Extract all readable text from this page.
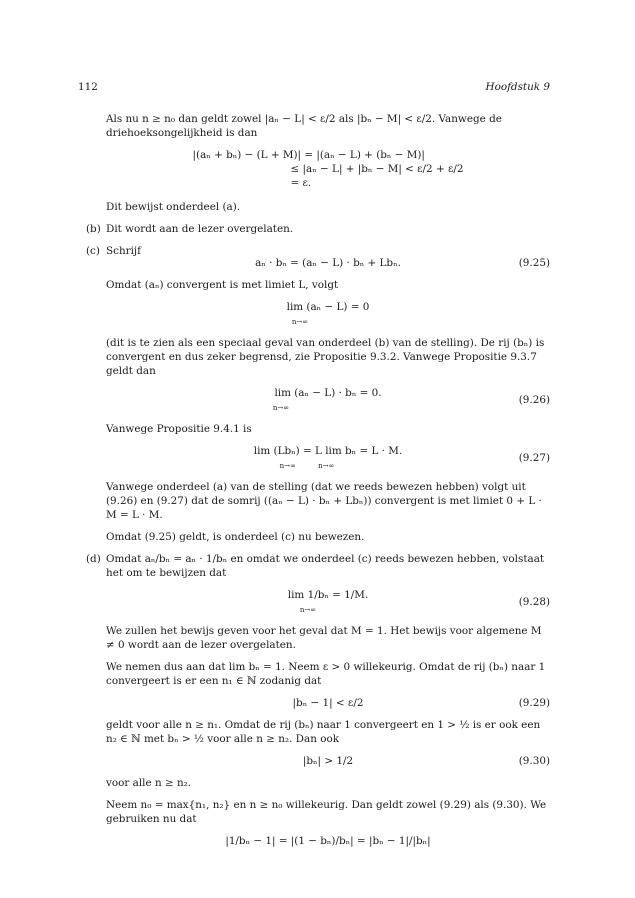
112	Hoofdstuk 9
Als nu n ≥ n₀ dan geldt zowel |aₙ − L| < ε/2 als |bₙ − M| < ε/2. Vanwege de
driehoeksongelijkheid is dan
|(aₙ + bₙ) − (L + M)| = |(aₙ − L) + (bₙ − M)|
≤ |aₙ − L| + |bₙ − M| < ε/2 + ε/2
= ε.

Dit bewijst onderdeel (a).

(b) Dit wordt aan de lezer overgelaten.
(c) Schrijf
aₙ · bₙ = (aₙ − L) · bₙ + Lbₙ.	(9.25)

Omdat (aₙ) convergent is met limiet L, volgt

lim (aₙ − L) = 0
n→∞

(dit is te zien als een speciaal geval van onderdeel (b) van de stelling). De rij (bₙ) is convergent en dus zeker begrensd, zie Propositie 9.3.2. Vanwege Propositie 9.3.7 geldt dan

lim (aₙ − L) · bₙ = 0.
n→∞
(9.26)

Vanwege Propositie 9.4.1 is

lim (Lbₙ) = L lim bₙ = L · M.
n→∞          n→∞
(9.27)

Vanwege onderdeel (a) van de stelling (dat we reeds bewezen hebben) volgt uit (9.26) en (9.27) dat de somrij ((aₙ − L) · bₙ + Lbₙ)) convergent is met limiet 0 + L · M = L · M.

Omdat (9.25) geldt, is onderdeel (c) nu bewezen.

(d) Omdat aₙ/bₙ = aₙ · 1/bₙ en omdat we onderdeel (c) reeds bewezen hebben, volstaat het om te bewijzen dat

lim 1/bₙ = 1/M.
n→∞
(9.28)

We zullen het bewijs geven voor het geval dat M = 1. Het bewijs voor algemene M ≠ 0 wordt aan de lezer overgelaten.

We nemen dus aan dat lim bₙ = 1. Neem ε > 0 willekeurig. Omdat de rij (bₙ) naar 1 convergeert is er een n₁ ∈ ℕ zodanig dat

|bₙ − 1| < ε/2	(9.29)

geldt voor alle n ≥ n₁. Omdat de rij (bₙ) naar 1 convergeert en 1 > ½ is er ook een n₂ ∈ ℕ met bₙ > ½ voor alle n ≥ n₂. Dan ook

|bₙ| > 1/2	(9.30)

voor alle n ≥ n₂.

Neem n₀ = max{n₁, n₂} en n ≥ n₀ willekeurig. Dan geldt zowel (9.29) als (9.30). We gebruiken nu dat

|1/bₙ − 1| = |(1 − bₙ)/bₙ| = |bₙ − 1|/|bₙ|
